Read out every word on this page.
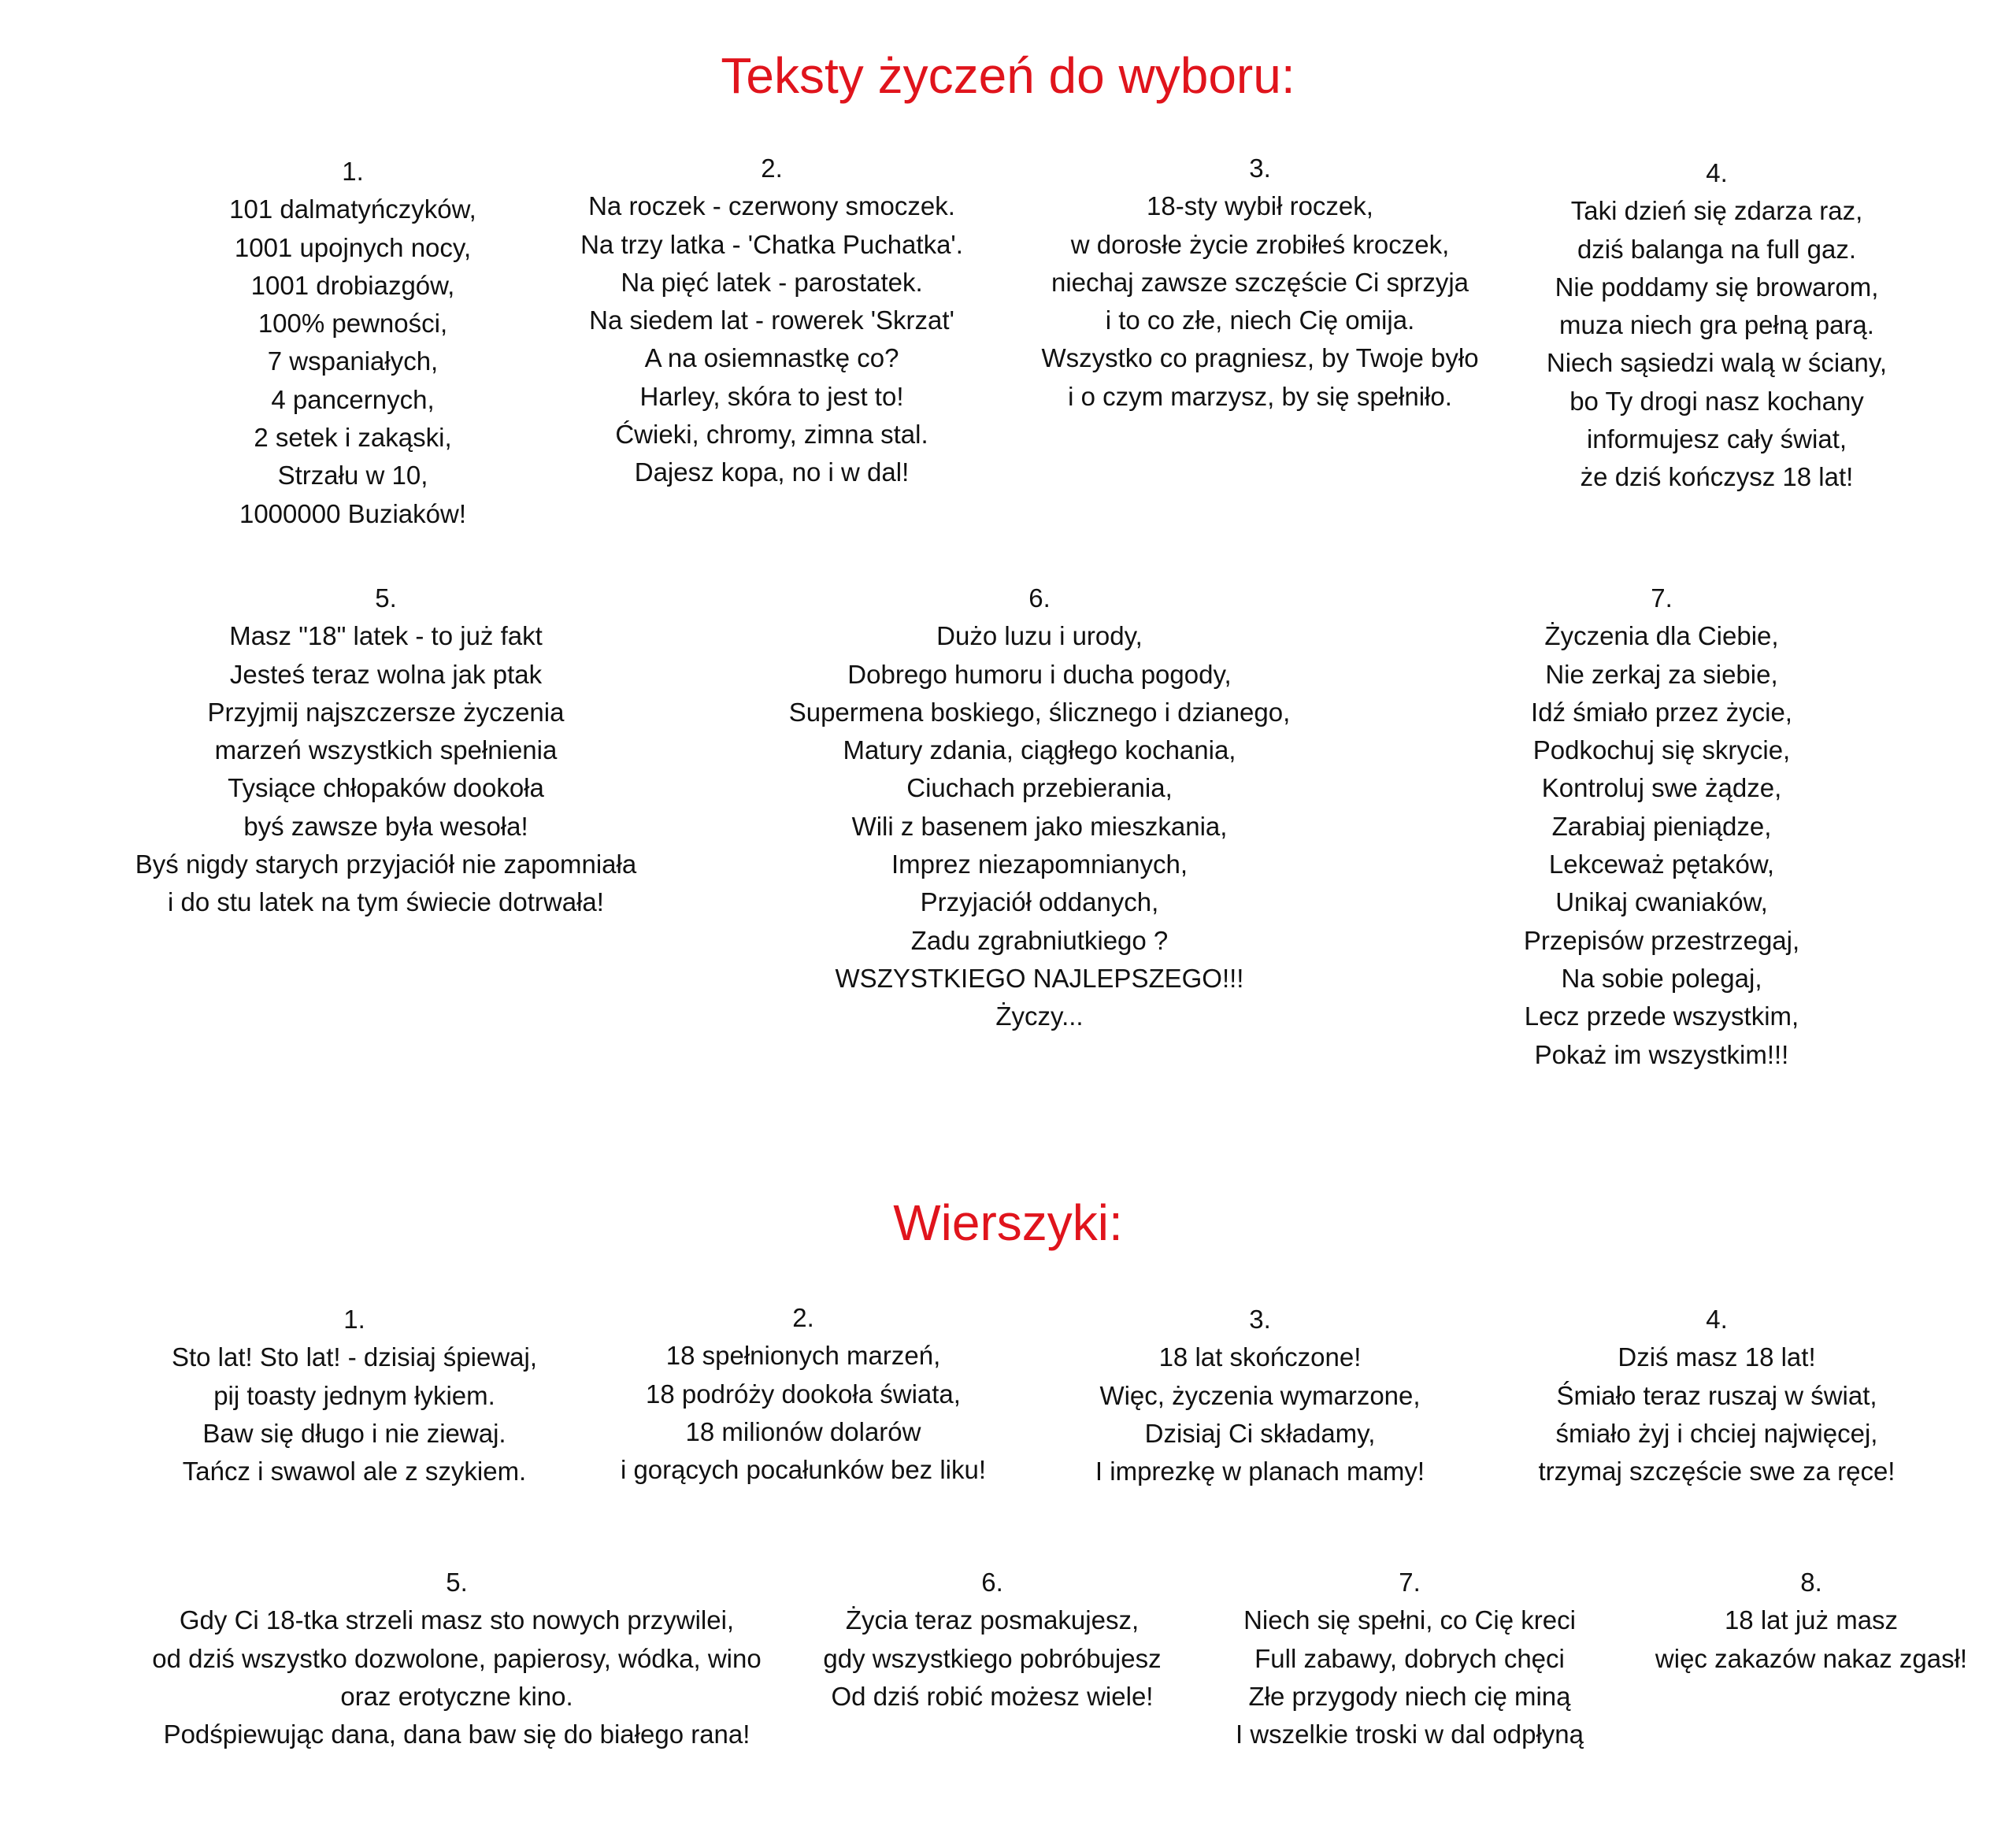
Teksty życzeń do wyboru:
Wierszyki:
1.
101 dalmatyńczyków,
1001 upojnych nocy,
1001 drobiazgów,
100% pewności,
7 wspaniałych,
4 pancernych,
2 setek i zakąski,
Strzału w 10,
1000000 Buziaków!
2.
Na roczek - czerwony smoczek.
Na trzy latka - 'Chatka Puchatka'.
Na pięć latek - parostatek.
Na siedem lat - rowerek 'Skrzat'
A na osiemnastkę co?
Harley, skóra to jest to!
Ćwieki, chromy, zimna stal.
Dajesz kopa, no i w dal!
3.
18-sty wybił roczek,
w dorosłe życie zrobiłeś kroczek,
niechaj zawsze szczęście Ci sprzyja
i to co złe, niech Cię omija.
Wszystko co pragniesz, by Twoje było
i o czym marzysz, by się spełniło.
4.
Taki dzień się zdarza raz,
dziś balanga na full gaz.
Nie poddamy się browarom,
muza niech gra pełną parą.
Niech sąsiedzi walą w ściany,
bo Ty drogi nasz kochany
informujesz cały świat,
że dziś kończysz 18 lat!
5.
Masz "18" latek - to już fakt
Jesteś teraz wolna jak ptak
Przyjmij najszczersze życzenia
marzeń wszystkich spełnienia
Tysiące chłopaków dookoła
byś zawsze była wesoła!
Byś nigdy starych przyjaciół nie zapomniała
i do stu latek na tym świecie dotrwała!
6.
Dużo luzu i urody,
Dobrego humoru i ducha pogody,
Supermena boskiego, ślicznego i dzianego,
Matury zdania, ciągłego kochania,
Ciuchach przebierania,
Wili z basenem jako mieszkania,
Imprez niezapomnianych,
Przyjaciół oddanych,
Zadu zgrabniutkiego ?
WSZYSTKIEGO NAJLEPSZEGO!!!
Życzy...
7.
Życzenia dla Ciebie,
Nie zerkaj za siebie,
Idź śmiało przez życie,
Podkochuj się skrycie,
Kontroluj swe żądze,
Zarabiaj pieniądze,
Lekceważ pętaków,
Unikaj cwaniaków,
Przepisów przestrzegaj,
Na sobie polegaj,
Lecz przede wszystkim,
Pokaż im wszystkim!!!
1.
Sto lat! Sto lat! - dzisiaj śpiewaj,
pij toasty jednym łykiem.
Baw się długo i nie ziewaj.
Tańcz i swawol ale z szykiem.
2.
18 spełnionych marzeń,
18 podróży dookoła świata,
18 milionów dolarów
i gorących pocałunków bez liku!
3.
18 lat skończone!
Więc, życzenia wymarzone,
Dzisiaj Ci składamy,
I imprezkę w planach mamy!
4.
Dziś masz 18 lat!
Śmiało teraz ruszaj w świat,
śmiało żyj i chciej najwięcej,
trzymaj szczęście swe za ręce!
5.
Gdy Ci 18-tka strzeli masz sto nowych przywilei,
od dziś wszystko dozwolone, papierosy, wódka, wino
oraz erotyczne kino.
Podśpiewując dana, dana baw się do białego rana!
6.
Życia teraz posmakujesz,
gdy wszystkiego pobróbujesz
Od dziś robić możesz wiele!
7.
Niech się spełni, co Cię kreci
Full zabawy, dobrych chęci
Złe przygody niech cię miną
I wszelkie troski w dal odpłyną
8.
18 lat już masz
więc zakazów nakaz zgasł!
